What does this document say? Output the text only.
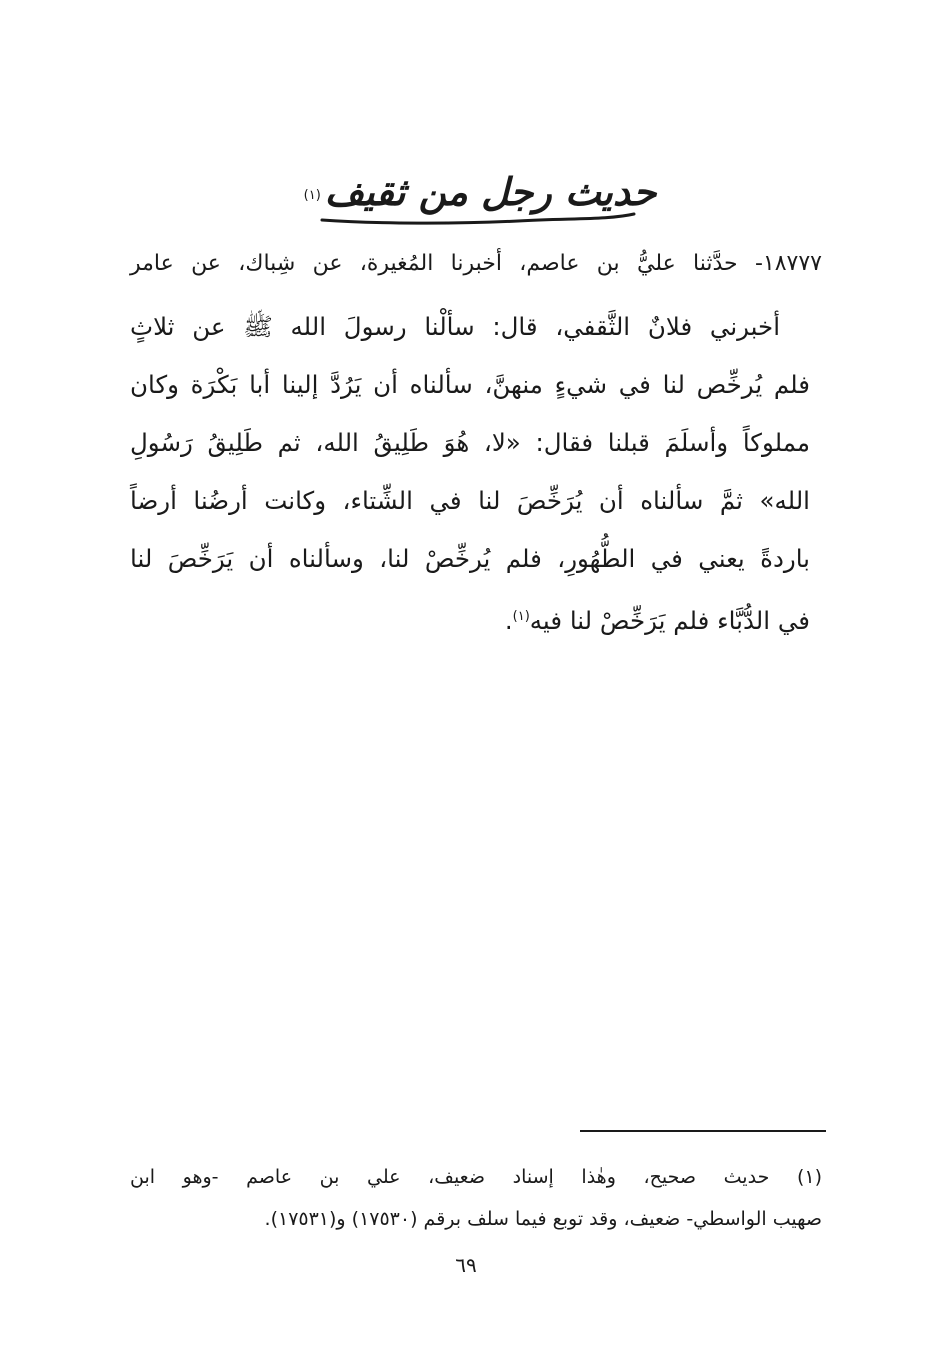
حديث رجل من ثقيف$^{(١)}$
١٨٧٧٧- حدَّثنا عليُّ بن عاصم، أخبرنا المُغيرة، عن شِباك، عن عامر
أخبرني فلانٌ الثَّقفي، قال: سألْنا رسولَ الله ﷺ عن ثلاثٍ
فلم يُرخِّص لنا في شيءٍ منهنَّ، سألناه أن يَرُدَّ إلينا أبا بَكْرَة وكان
مملوكاً وأسلَمَ قبلنا فقال: «لا، هُوَ طَلِيقُ الله، ثم طَلِيقُ رَسُولِ
الله» ثمَّ سألناه أن يُرَخِّصَ لنا في الشِّتاء، وكانت أرضُنا أرضاً
باردةً يعني في الطُّهُورِ، فلم يُرخِّصْ لنا، وسألناه أن يَرَخِّصَ لنا
في الدُّبَّاء فلم يَرَخِّصْ لنا فيه$^{(١)}$.
(١) حديث صحيح، وهٰذا إسناد ضعيف، علي بن عاصم -وهو ابن
صهيب الواسطي- ضعيف، وقد توبع فيما سلف برقم (١٧٥٣٠) و(١٧٥٣١).
٦٩
